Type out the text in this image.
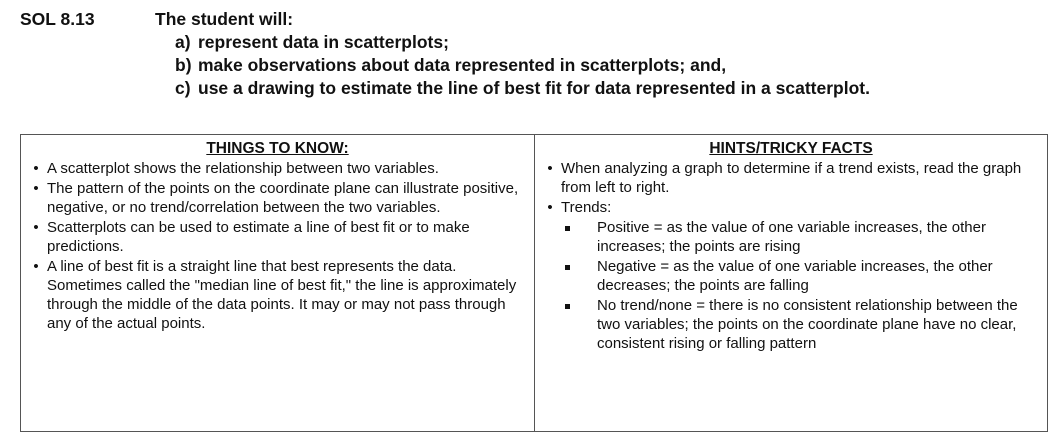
SOL 8.13	The student will:
a) represent data in scatterplots;
b) make observations about data represented in scatterplots; and,
c) use a drawing to estimate the line of best fit for data represented in a scatterplot.
THINGS TO KNOW:
• A scatterplot shows the relationship between two variables.
• The pattern of the points on the coordinate plane can illustrate positive, negative, or no trend/correlation between the two variables.
• Scatterplots can be used to estimate a line of best fit or to make predictions.
• A line of best fit is a straight line that best represents the data. Sometimes called the "median line of best fit," the line is approximately through the middle of the data points. It may or may not pass through any of the actual points.
HINTS/TRICKY FACTS
• When analyzing a graph to determine if a trend exists, read the graph from left to right.
• Trends:
Positive = as the value of one variable increases, the other increases; the points are rising
Negative = as the value of one variable increases, the other decreases; the points are falling
No trend/none = there is no consistent relationship between the two variables; the points on the coordinate plane have no clear, consistent rising or falling pattern
